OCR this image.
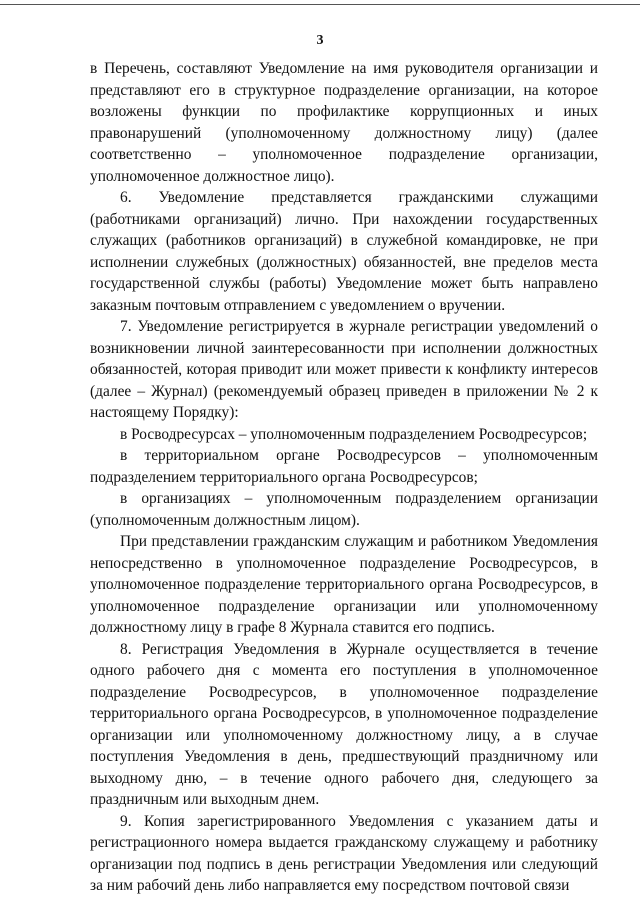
3

в Перечень, составляют Уведомление на имя руководителя организации и представляют его в структурное подразделение организации, на которое возложены функции по профилактике коррупционных и иных правонарушений (уполномоченному должностному лицу) (далее соответственно – уполномоченное подразделение организации, уполномоченное должностное лицо).

6. Уведомление представляется гражданскими служащими (работниками организаций) лично. При нахождении государственных служащих (работников организаций) в служебной командировке, не при исполнении служебных (должностных) обязанностей, вне пределов места государственной службы (работы) Уведомление может быть направлено заказным почтовым отправлением с уведомлением о вручении.

7. Уведомление регистрируется в журнале регистрации уведомлений о возникновении личной заинтересованности при исполнении должностных обязанностей, которая приводит или может привести к конфликту интересов (далее – Журнал) (рекомендуемый образец приведен в приложении № 2 к настоящему Порядку):

в Росводресурсах – уполномоченным подразделением Росводресурсов;

в территориальном органе Росводресурсов – уполномоченным подразделением территориального органа Росводресурсов;

в организациях – уполномоченным подразделением организации (уполномоченным должностным лицом).

При представлении гражданским служащим и работником Уведомления непосредственно в уполномоченное подразделение Росводресурсов, в уполномоченное подразделение территориального органа Росводресурсов, в уполномоченное подразделение организации или уполномоченному должностному лицу в графе 8 Журнала ставится его подпись.

8. Регистрация Уведомления в Журнале осуществляется в течение одного рабочего дня с момента его поступления в уполномоченное подразделение Росводресурсов, в уполномоченное подразделение территориального органа Росводресурсов, в уполномоченное подразделение организации или уполномоченному должностному лицу, а в случае поступления Уведомления в день, предшествующий праздничному или выходному дню, – в течение одного рабочего дня, следующего за праздничным или выходным днем.

9. Копия зарегистрированного Уведомления с указанием даты и регистрационного номера выдается гражданскому служащему и работнику организации под подпись в день регистрации Уведомления или следующий за ним рабочий день либо направляется ему посредством почтовой связи
